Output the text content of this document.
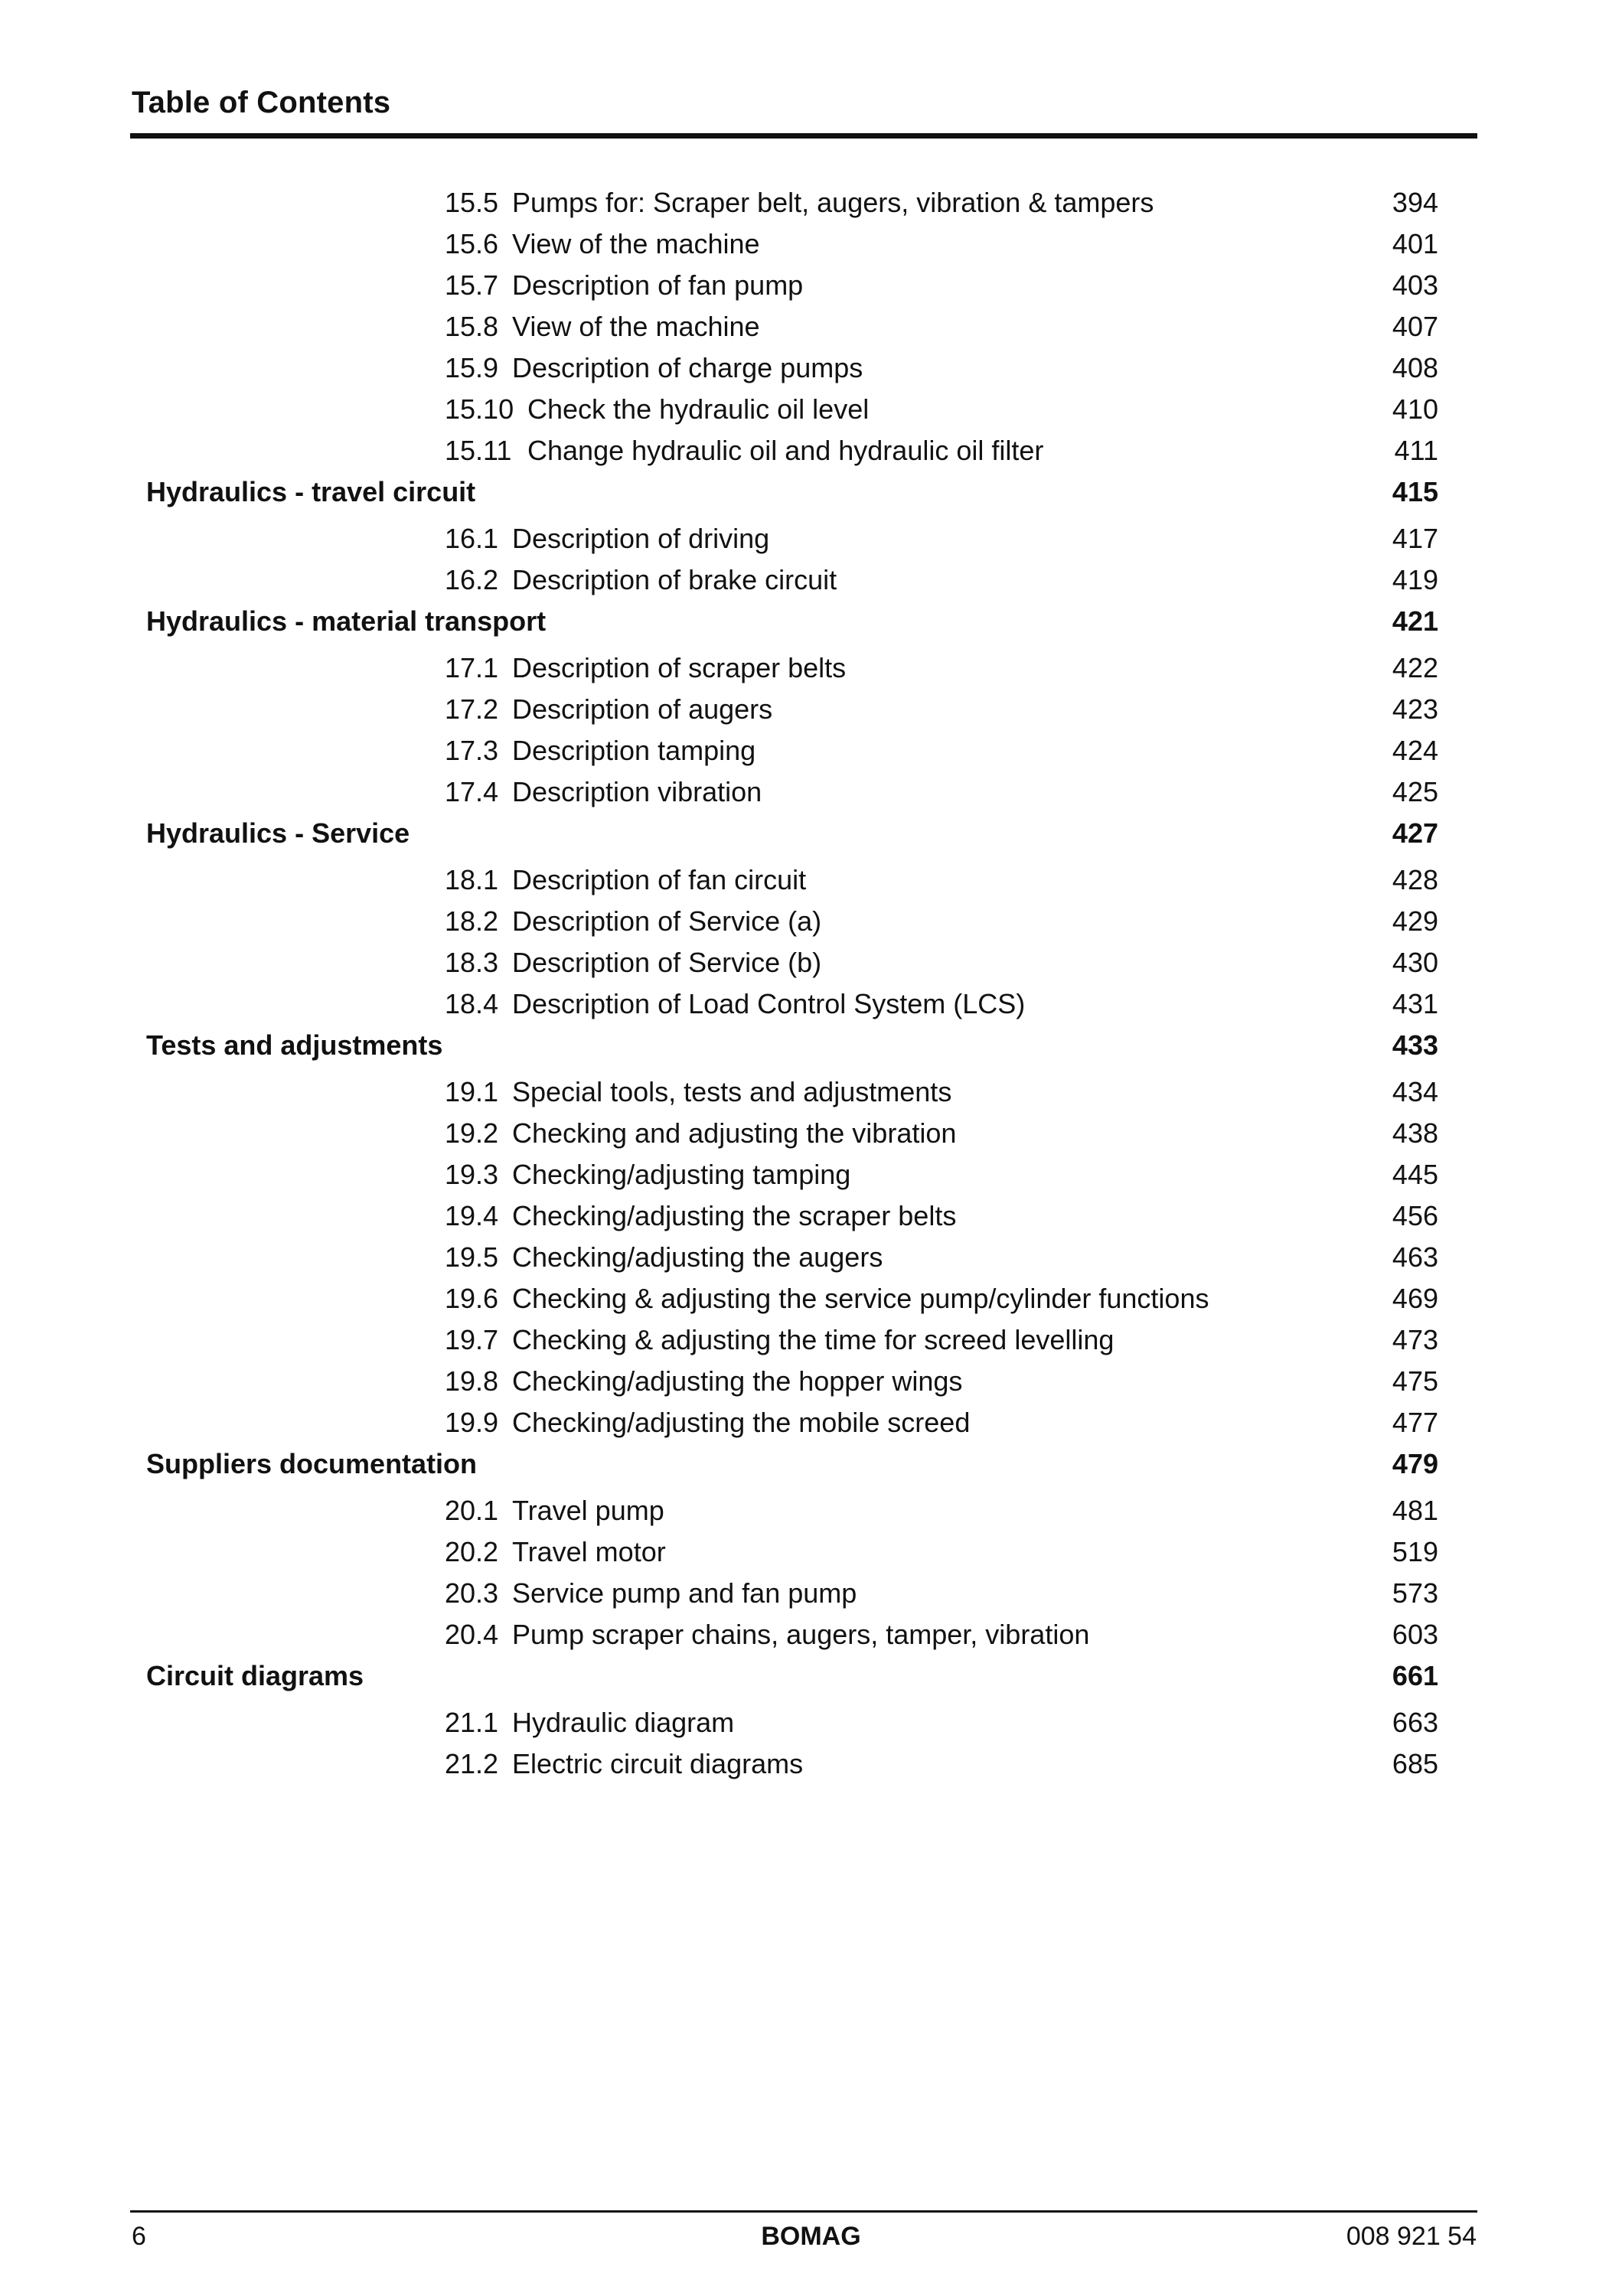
Table of Contents
15.5 Pumps for: Scraper belt, augers, vibration & tampers	394
15.6 View of the machine	401
15.7 Description of fan pump	403
15.8 View of the machine	407
15.9 Description of charge pumps	408
15.10 Check the hydraulic oil level	410
15.11 Change hydraulic oil and hydraulic oil filter	411
Hydraulics - travel circuit	415
16.1 Description of driving	417
16.2 Description of brake circuit	419
Hydraulics - material transport	421
17.1 Description of scraper belts	422
17.2 Description of augers	423
17.3 Description tamping	424
17.4 Description vibration	425
Hydraulics - Service	427
18.1 Description of fan circuit	428
18.2 Description of Service (a)	429
18.3 Description of Service (b)	430
18.4 Description of Load Control System (LCS)	431
Tests and adjustments	433
19.1 Special tools, tests and adjustments	434
19.2 Checking and adjusting the vibration	438
19.3 Checking/adjusting tamping	445
19.4 Checking/adjusting the scraper belts	456
19.5 Checking/adjusting the augers	463
19.6 Checking & adjusting the service pump/cylinder functions	469
19.7 Checking & adjusting the time for screed levelling	473
19.8 Checking/adjusting the hopper wings	475
19.9 Checking/adjusting the mobile screed	477
Suppliers documentation	479
20.1 Travel pump	481
20.2 Travel motor	519
20.3 Service pump and fan pump	573
20.4 Pump scraper chains, augers, tamper, vibration	603
Circuit diagrams	661
21.1 Hydraulic diagram	663
21.2 Electric circuit diagrams	685
6	BOMAG	008 921 54
